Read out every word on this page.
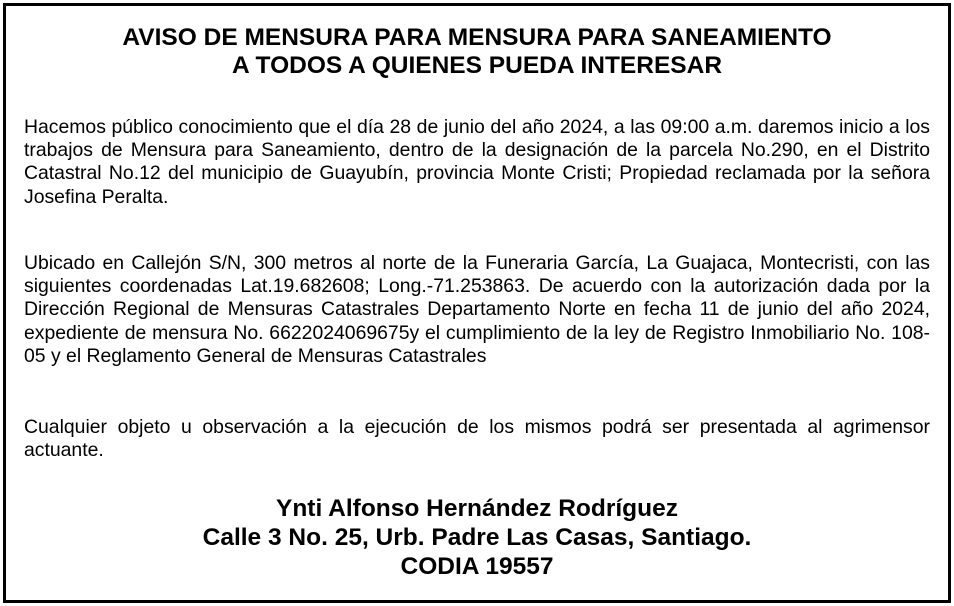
AVISO DE MENSURA PARA MENSURA PARA SANEAMIENTO
A TODOS A QUIENES PUEDA INTERESAR

Hacemos público conocimiento que el día 28 de junio del año 2024, a las 09:00 a.m. daremos inicio a los trabajos de Mensura para Saneamiento, dentro de la designación de la parcela No.290, en el Distrito Catastral No.12 del municipio de Guayubín, provincia Monte Cristi; Propiedad reclamada por la señora Josefina Peralta.

Ubicado en Callejón S/N, 300 metros al norte de la Funeraria García, La Guajaca, Montecristi, con las siguientes coordenadas Lat.19.682608; Long.-71.253863. De acuerdo con la autorización dada por la Dirección Regional de Mensuras Catastrales Departamento Norte en fecha 11 de junio del año 2024, expediente de mensura No. 6622024069675y el cumplimiento de la ley de Registro Inmobiliario No. 108-05 y el Reglamento General de Mensuras Catastrales

Cualquier objeto u observación a la ejecución de los mismos podrá ser presentada al agrimensor actuante.

Ynti Alfonso Hernández Rodríguez
Calle 3 No. 25, Urb. Padre Las Casas, Santiago.
CODIA 19557
